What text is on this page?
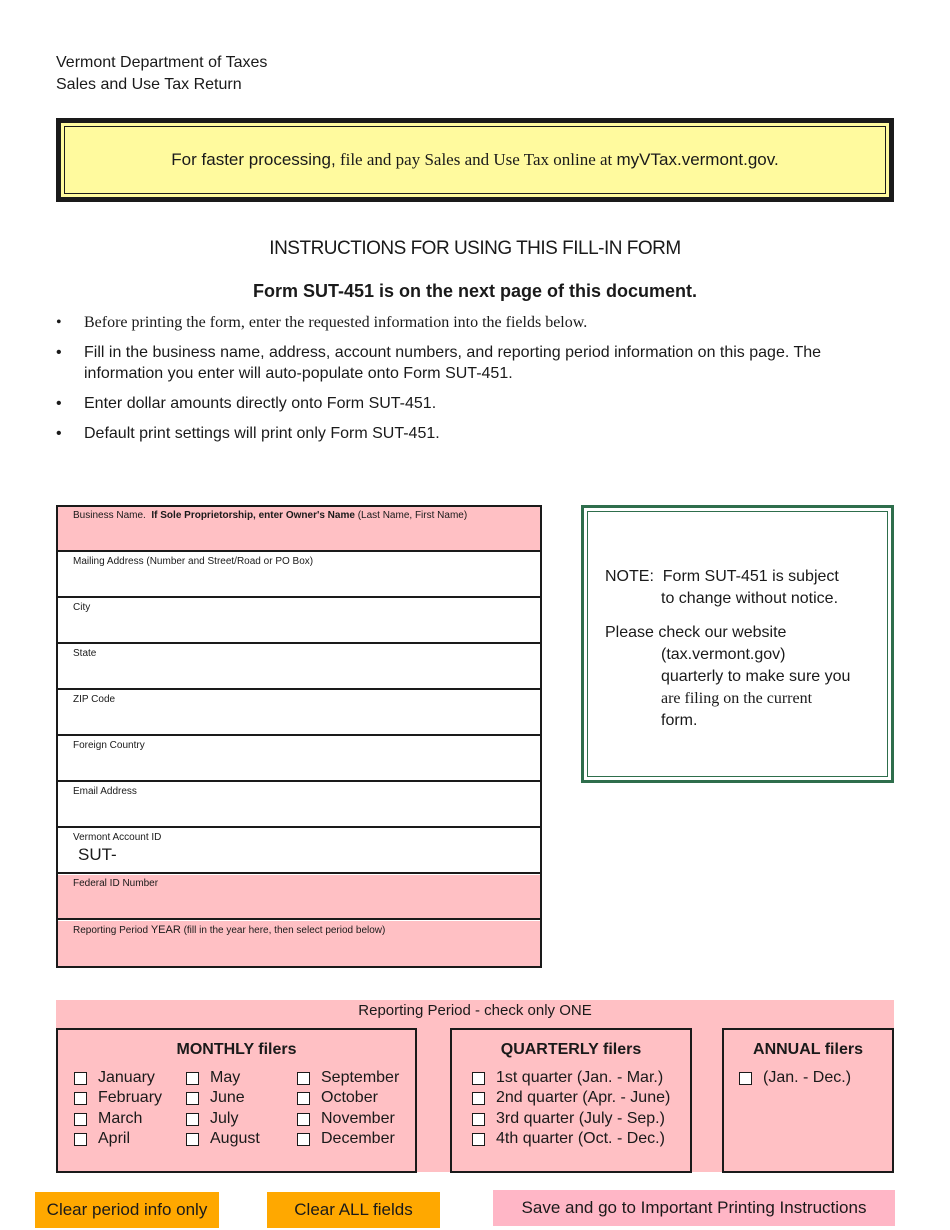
Vermont Department of Taxes
Sales and Use Tax Return
For faster processing, file and pay Sales and Use Tax online at myVTax.vermont.gov.
INSTRUCTIONS FOR USING THIS FILL-IN FORM
Form SUT-451 is on the next page of this document.
• Before printing the form, enter the requested information into the fields below.
• Fill in the business name, address, account numbers, and reporting period information on this page. The information you enter will auto-populate onto Form SUT-451.
• Enter dollar amounts directly onto Form SUT-451.
• Default print settings will print only Form SUT-451.
Business Name.  If Sole Proprietorship, enter Owner's Name (Last Name, First Name)
Mailing Address (Number and Street/Road or PO Box)
City
State
ZIP Code
Foreign Country
Email Address
Vermont Account ID
SUT-
Federal ID Number
Reporting Period YEAR (fill in the year here, then select period below)

NOTE:  Form SUT-451 is subject
to change without notice.

Please check our website
(tax.vermont.gov)
quarterly to make sure you
are filing on the current
form.

Reporting Period - check only ONE
MONTHLY filers
January
February
March
April
May
June
July
August
September
October
November
December
QUARTERLY filers
1st quarter (Jan. - Mar.)
2nd quarter (Apr. - June)
3rd quarter (July - Sep.)
4th quarter (Oct. - Dec.)
ANNUAL filers
(Jan. - Dec.)
Clear period info only	Clear ALL fields	Save and go to Important Printing Instructions
